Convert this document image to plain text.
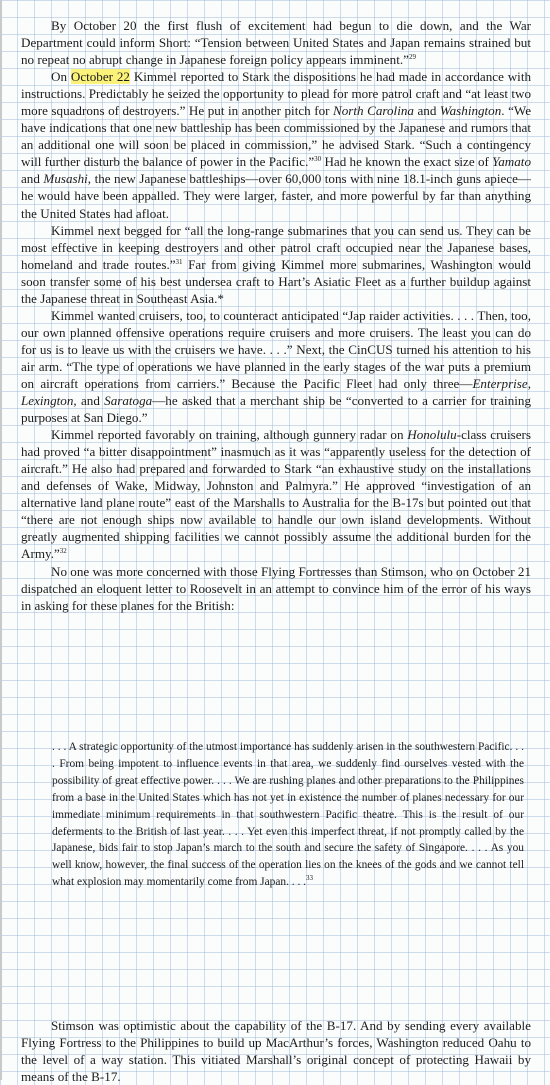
By October 20 the first flush of excitement had begun to die down, and the War Department could inform Short: “Tension between United States and Japan remains strained but no repeat no abrupt change in Japanese foreign policy appears imminent.”$^{29}$

On October 22 Kimmel reported to Stark the dispositions he had made in accordance with instructions. Predictably he seized the opportunity to plead for more patrol craft and “at least two more squadrons of destroyers.” He put in another pitch for North Carolina and Washington. “We have indications that one new battleship has been commissioned by the Japanese and rumors that an additional one will soon be placed in commission,” he advised Stark. “Such a contingency will further disturb the balance of power in the Pacific.”$^{30}$ Had he known the exact size of Yamato and Musashi, the new Japanese battleships—over 60,000 tons with nine 18.1-inch guns apiece—he would have been appalled. They were larger, faster, and more powerful by far than anything the United States had afloat.

Kimmel next begged for “all the long-range submarines that you can send us. They can be most effective in keeping destroyers and other patrol craft occupied near the Japanese bases, homeland and trade routes.”$^{31}$ Far from giving Kimmel more submarines, Washington would soon transfer some of his best undersea craft to Hart’s Asiatic Fleet as a further buildup against the Japanese threat in Southeast Asia.*

Kimmel wanted cruisers, too, to counteract anticipated “Jap raider activities. . . . Then, too, our own planned offensive operations require cruisers and more cruisers. The least you can do for us is to leave us with the cruisers we have. . . .” Next, the CinCUS turned his attention to his air arm. “The type of operations we have planned in the early stages of the war puts a premium on aircraft operations from carriers.” Because the Pacific Fleet had only three—Enterprise, Lexington, and Saratoga—he asked that a merchant ship be “converted to a carrier for training purposes at San Diego.”

Kimmel reported favorably on training, although gunnery radar on Honolulu-class cruisers had proved “a bitter disappointment” inasmuch as it was “apparently useless for the detection of aircraft.” He also had prepared and forwarded to Stark “an exhaustive study on the installations and defenses of Wake, Midway, Johnston and Palmyra.” He approved “investigation of an alternative land plane route” east of the Marshalls to Australia for the B-17s but pointed out that “there are not enough ships now available to handle our own island developments. Without greatly augmented shipping facilities we cannot possibly assume the additional burden for the Army.”$^{32}$

No one was more concerned with those Flying Fortresses than Stimson, who on October 21 dispatched an eloquent letter to Roosevelt in an attempt to convince him of the error of his ways in asking for these planes for the British:

. . . A strategic opportunity of the utmost importance has suddenly arisen in the southwestern Pacific. . . . From being impotent to influence events in that area, we suddenly find ourselves vested with the possibility of great effective power. . . . We are rushing planes and other preparations to the Philippines from a base in the United States which has not yet in existence the number of planes necessary for our immediate minimum requirements in that southwestern Pacific theatre. This is the result of our deferments to the British of last year. . . . Yet even this imperfect threat, if not promptly called by the Japanese, bids fair to stop Japan’s march to the south and secure the safety of Singapore. . . . As you well know, however, the final success of the operation lies on the knees of the gods and we cannot tell what explosion may momentarily come from Japan. . . .$^{33}$

Stimson was optimistic about the capability of the B-17. And by sending every available Flying Fortress to the Philippines to build up MacArthur’s forces, Washington reduced Oahu to the level of a way station. This vitiated Marshall’s original concept of protecting Hawaii by means of the B-17.
